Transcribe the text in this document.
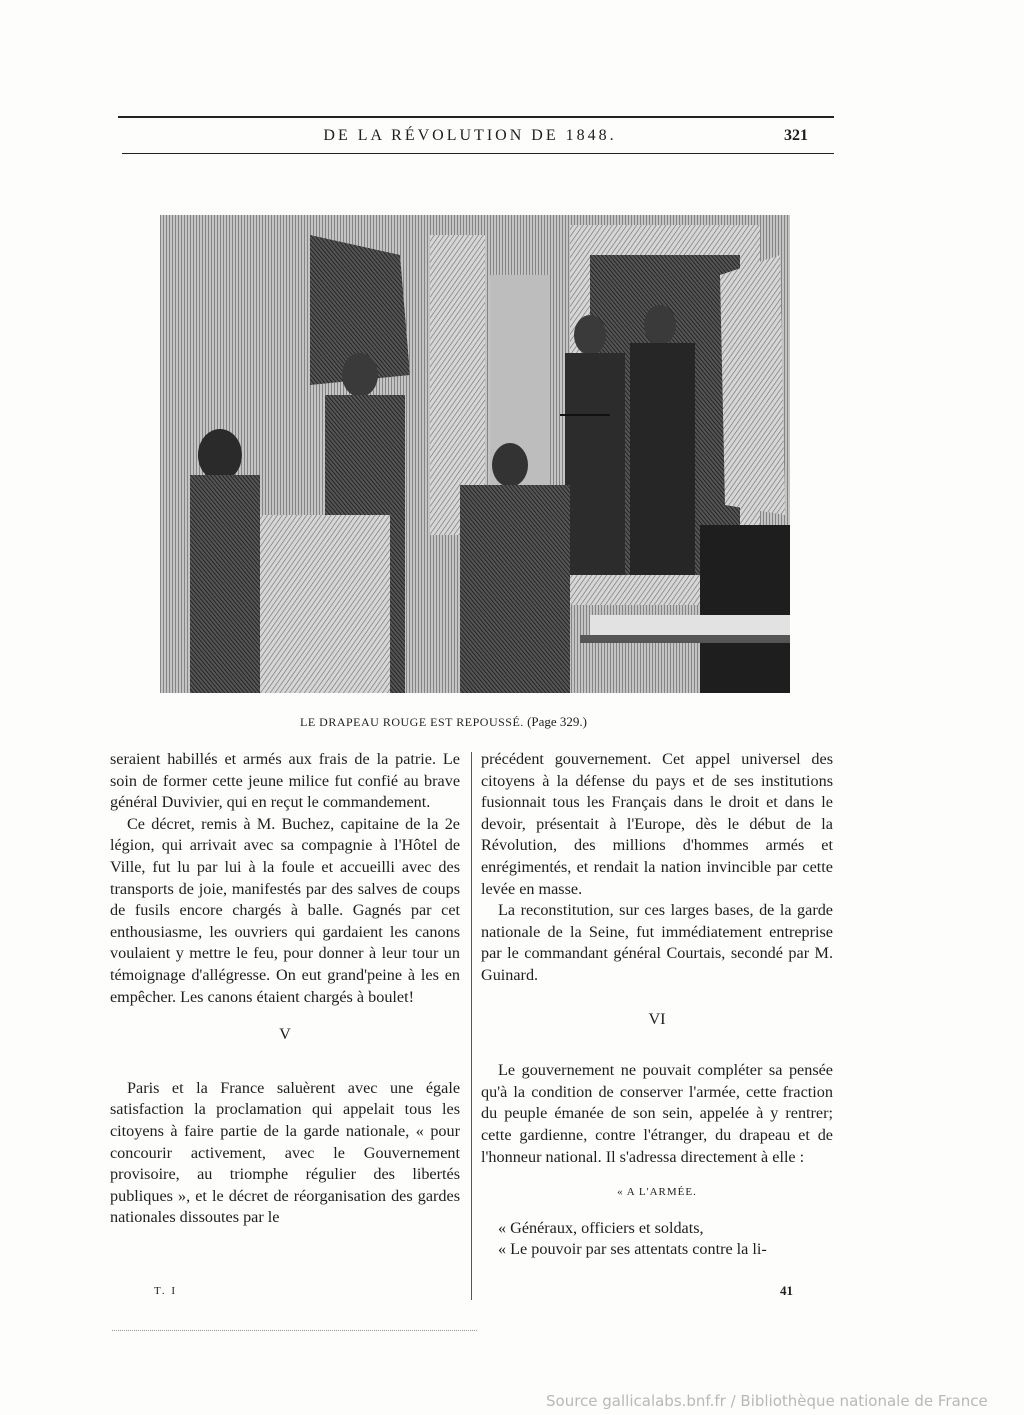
DE LA RÉVOLUTION DE 1848.	321
LE DRAPEAU ROUGE EST REPOUSSÉ. (Page 329.)

seraient habillés et armés aux frais de la patrie. Le soin de former cette jeune milice fut confié au brave général Duvivier, qui en reçut le commandement.

Ce décret, remis à M. Buchez, capitaine de la 2e légion, qui arrivait avec sa compagnie à l'Hôtel de Ville, fut lu par lui à la foule et accueilli avec des transports de joie, manifestés par des salves de coups de fusils encore chargés à balle. Gagnés par cet enthousiasme, les ouvriers qui gardaient les canons voulaient y mettre le feu, pour donner à leur tour un témoignage d'allégresse. On eut grand'peine à les en empêcher. Les canons étaient chargés à boulet!

V

Paris et la France saluèrent avec une égale satisfaction la proclamation qui appelait tous les citoyens à faire partie de la garde nationale, « pour concourir activement, avec le Gouvernement provisoire, au triomphe régulier des libertés publiques », et le décret de réorganisation des gardes nationales dissoutes par le

précédent gouvernement. Cet appel universel des citoyens à la défense du pays et de ses institutions fusionnait tous les Français dans le droit et dans le devoir, présentait à l'Europe, dès le début de la Révolution, des millions d'hommes armés et enrégimentés, et rendait la nation invincible par cette levée en masse.

La reconstitution, sur ces larges bases, de la garde nationale de la Seine, fut immédiatement entreprise par le commandant général Courtais, secondé par M. Guinard.

VI

Le gouvernement ne pouvait compléter sa pensée qu'à la condition de conserver l'armée, cette fraction du peuple émanée de son sein, appelée à y rentrer; cette gardienne, contre l'étranger, du drapeau et de l'honneur national. Il s'adressa directement à elle :

« A L'ARMÉE.

« Généraux, officiers et soldats,

« Le pouvoir par ses attentats contre la li-

T. I	41
Source gallicalabs.bnf.fr / Bibliothèque nationale de France
